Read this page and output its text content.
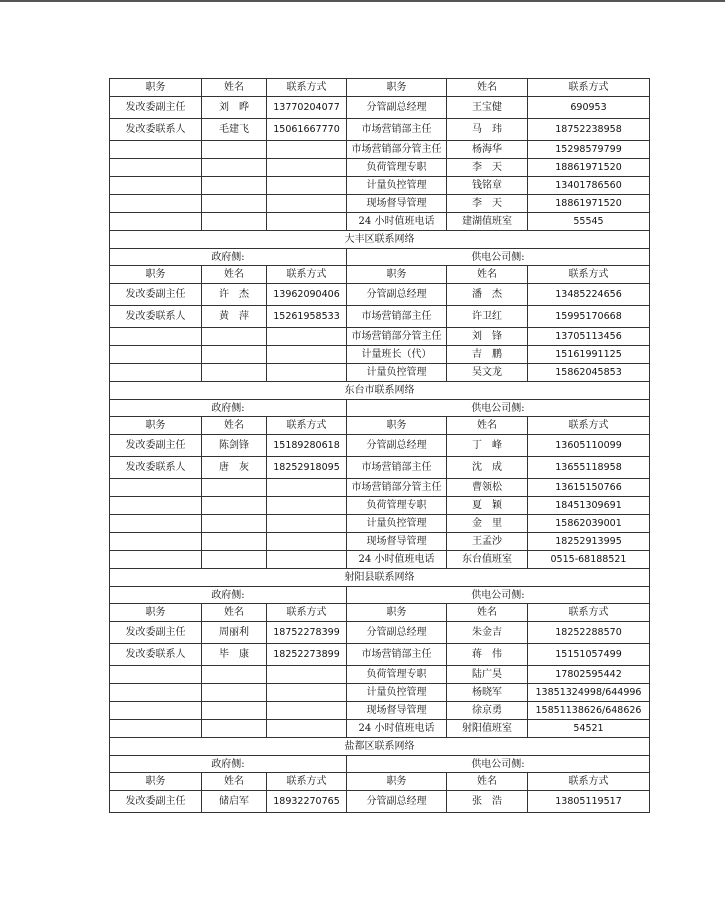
职务	姓名	联系方式	职务	姓名	联系方式
发改委副主任	刘　晔	13770204077	分管副总经理	王宝健	690953
发改委联系人	毛建飞	15061667770	市场营销部主任	马　玮	18752238958
			市场营销部分管主任	杨海华	15298579799
			负荷管理专职	李　天	18861971520
			计量负控管理	钱铭章	13401786560
			现场督导管理	李　天	18861971520
			24 小时值班电话	建湖值班室	55545
大丰区联系网络					
政府侧:			供电公司侧:		
职务	姓名	联系方式	职务	姓名	联系方式
发改委副主任	许　杰	13962090406	分管副总经理	潘　杰	13485224656
发改委联系人	黄　萍	15261958533	市场营销部主任	许卫红	15995170668
			市场营销部分管主任	刘　锋	13705113456
			计量班长（代）	吉　鹏	15161991125
			计量负控管理	吴文龙	15862045853
东台市联系网络					
政府侧:			供电公司侧:		
职务	姓名	联系方式	职务	姓名	联系方式
发改委副主任	陈剑锋	15189280618	分管副总经理	丁　峰	13605110099
发改委联系人	唐　灰	18252918095	市场营销部主任	沈　成	13655118958
			市场营销部分管主任	曹领松	13615150766
			负荷管理专职	夏　颖	18451309691
			计量负控管理	金　里	15862039001
			现场督导管理	王孟沙	18252913995
			24 小时值班电话	东台值班室	0515-68188521
射阳县联系网络					
政府侧:			供电公司侧:		
职务	姓名	联系方式	职务	姓名	联系方式
发改委副主任	周丽利	18752278399	分管副总经理	朱金吉	18252288570
发改委联系人	毕　康	18252273899	市场营销部主任	蒋　伟	15151057499
			负荷管理专职	陆广昊	17802595442
			计量负控管理	杨晓军	13851324998/644996
			现场督导管理	徐京勇	15851138626/648626
			24 小时值班电话	射阳值班室	54521
盐都区联系网络					
政府侧:			供电公司侧:		
职务	姓名	联系方式	职务	姓名	联系方式
发改委副主任	储启军	18932270765	分管副总经理	张　浩	13805119517
